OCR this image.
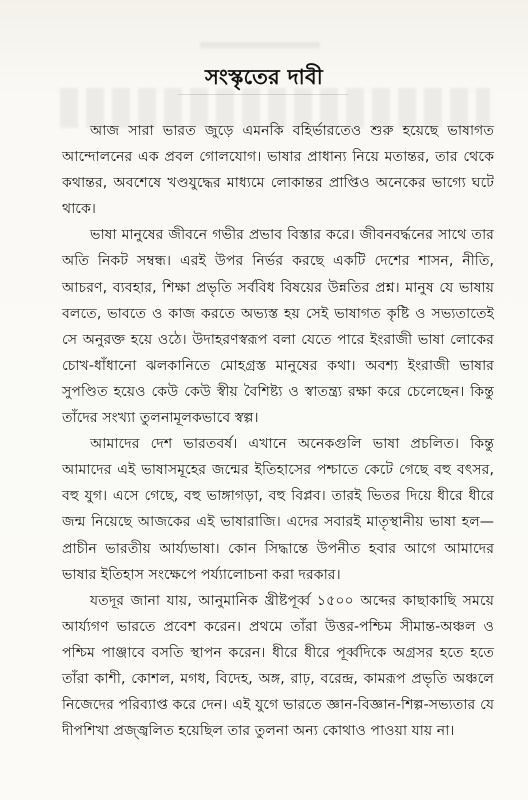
সংস্কৃতের দাবী

আজ সারা ভারত জুড়ে এমনকি বহির্ভারতেও শুরু হয়েছে ভাষাগত আন্দোলনের এক প্রবল গোলযোগ। ভাষার প্রাধান্য নিয়ে মতান্তর, তার থেকে কথান্তর, অবশেষে খণ্ডযুদ্ধের মাধ্যমে লোকান্তর প্রাপ্তিও অনেকের ভাগ্যে ঘটে থাকে।

ভাষা মানুষের জীবনে গভীর প্রভাব বিস্তার করে। জীবনবর্দ্ধনের সাথে তার অতি নিকট সম্বন্ধ। এরই উপর নির্ভর করছে একটি দেশের শাসন, নীতি, আচরণ, ব্যবহার, শিক্ষা প্রভৃতি সর্ববিধ বিষয়ের উন্নতির প্রশ্ন। মানুষ যে ভাষায় বলতে, ভাবতে ও কাজ করতে অভ্যস্ত হয় সেই ভাষাগত কৃষ্টি ও সভ্যতাতেই সে অনুরক্ত হয়ে ওঠে। উদাহরণস্বরূপ বলা যেতে পারে ইংরাজী ভাষা লোকের চোখ-ধাঁধানো ঝলকানিতে মোহগ্রস্ত মানুষের কথা। অবশ্য ইংরাজী ভাষার সুপণ্ডিত হয়েও কেউ কেউ স্বীয় বৈশিষ্ট্য ও স্বাতন্ত্র্য রক্ষা করে চেলেছেন। কিন্তু তাঁদের সংখ্যা তুলনামূলকভাবে স্বল্প।

আমাদের দেশ ভারতবর্ষ। এখানে অনেকগুলি ভাষা প্রচলিত। কিন্তু আমাদের এই ভাষাসমূহের জন্মের ইতিহাসের পশ্চাতে কেটে গেছে বহু বৎসর, বহু যুগ। এসে গেছে, বহু ভাঙ্গাগড়া, বহু বিপ্লব। তারই ভিতর দিয়ে ধীরে ধীরে জন্ম নিয়েছে আজকের এই ভাষারাজি। এদের সবারই মাতৃস্থানীয় ভাষা হল—প্রাচীন ভারতীয় আর্য্যভাষা। কোন সিদ্ধান্তে উপনীত হবার আগে আমাদের ভাষার ইতিহাস সংক্ষেপে পর্য্যালোচনা করা দরকার।

যতদূর জানা যায়, আনুমানিক খ্রীষ্টপূর্ব্ব ১৫০০ অব্দের কাছাকাছি সময়ে আর্য্যগণ ভারতে প্রবেশ করেন। প্রথমে তাঁরা উত্তর-পশ্চিম সীমান্ত-অঞ্চল ও পশ্চিম পাঞ্জাবে বসতি স্থাপন করেন। ধীরে ধীরে পূর্ব্বদিকে অগ্রসর হতে হতে তাঁরা কাশী, কোশল, মগধ, বিদেহ, অঙ্গ, রাঢ়, বরেন্দ্র, কামরূপ প্রভৃতি অঞ্চলে নিজেদের পরিব্যাপ্ত করে দেন। এই যুগে ভারতে জ্ঞান-বিজ্ঞান-শিল্প-সভ্যতার যে দীপশিখা প্রজ্জ্বলিত হয়েছিল তার তুলনা অন্য কোথাও পাওয়া যায় না।
